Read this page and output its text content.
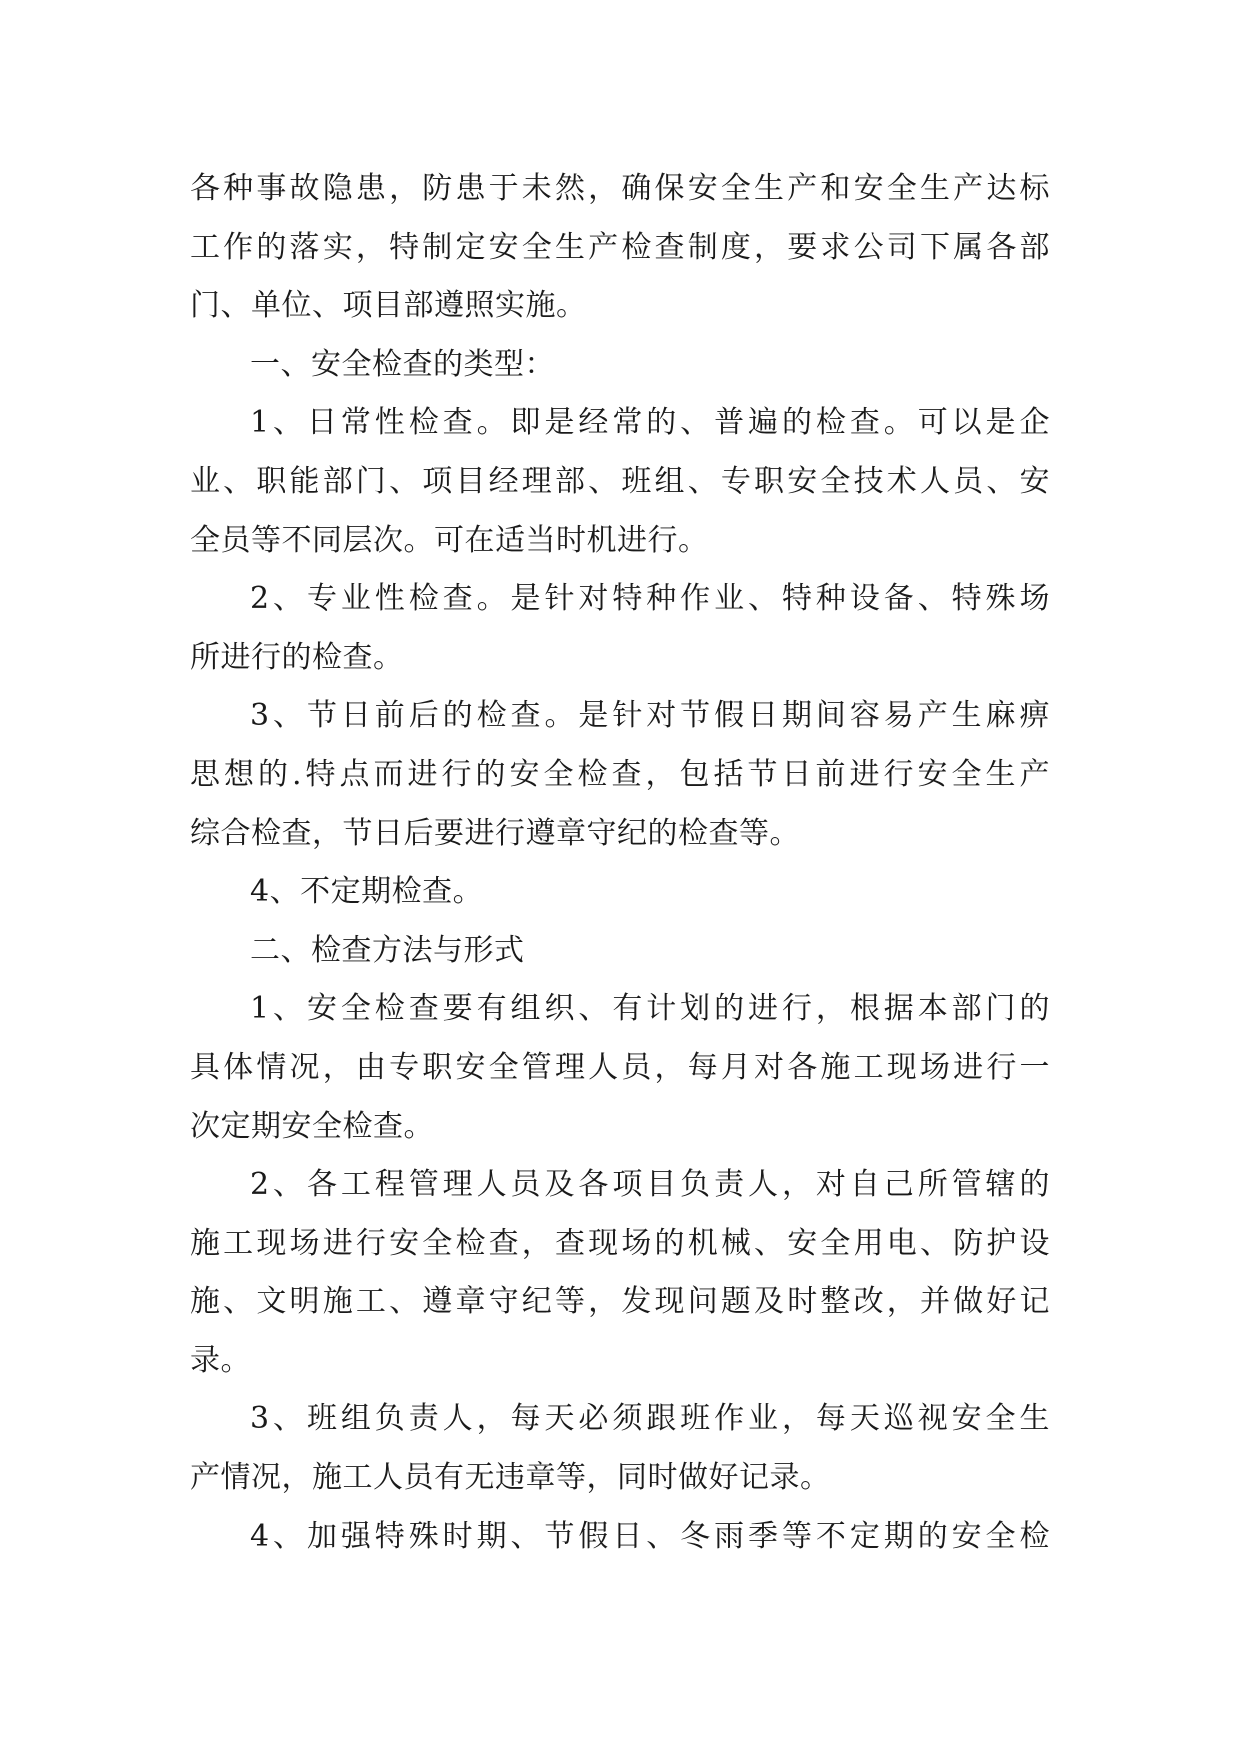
各种事故隐患，防患于未然，确保安全生产和安全生产达标
工作的落实，特制定安全生产检查制度，要求公司下属各部
门、单位、项目部遵照实施。
一、安全检查的类型：
1、日常性检查。即是经常的、普遍的检查。可以是企
业、职能部门、项目经理部、班组、专职安全技术人员、安
全员等不同层次。可在适当时机进行。
2、专业性检查。是针对特种作业、特种设备、特殊场
所进行的检查。
3、节日前后的检查。是针对节假日期间容易产生麻痹
思想的.特点而进行的安全检查，包括节日前进行安全生产
综合检查，节日后要进行遵章守纪的检查等。
4、不定期检查。
二、检查方法与形式
1、安全检查要有组织、有计划的进行，根据本部门的
具体情况，由专职安全管理人员，每月对各施工现场进行一
次定期安全检查。
2、各工程管理人员及各项目负责人，对自己所管辖的
施工现场进行安全检查，查现场的机械、安全用电、防护设
施、文明施工、遵章守纪等，发现问题及时整改，并做好记
录。
3、班组负责人，每天必须跟班作业，每天巡视安全生
产情况，施工人员有无违章等，同时做好记录。
4、加强特殊时期、节假日、冬雨季等不定期的安全检
